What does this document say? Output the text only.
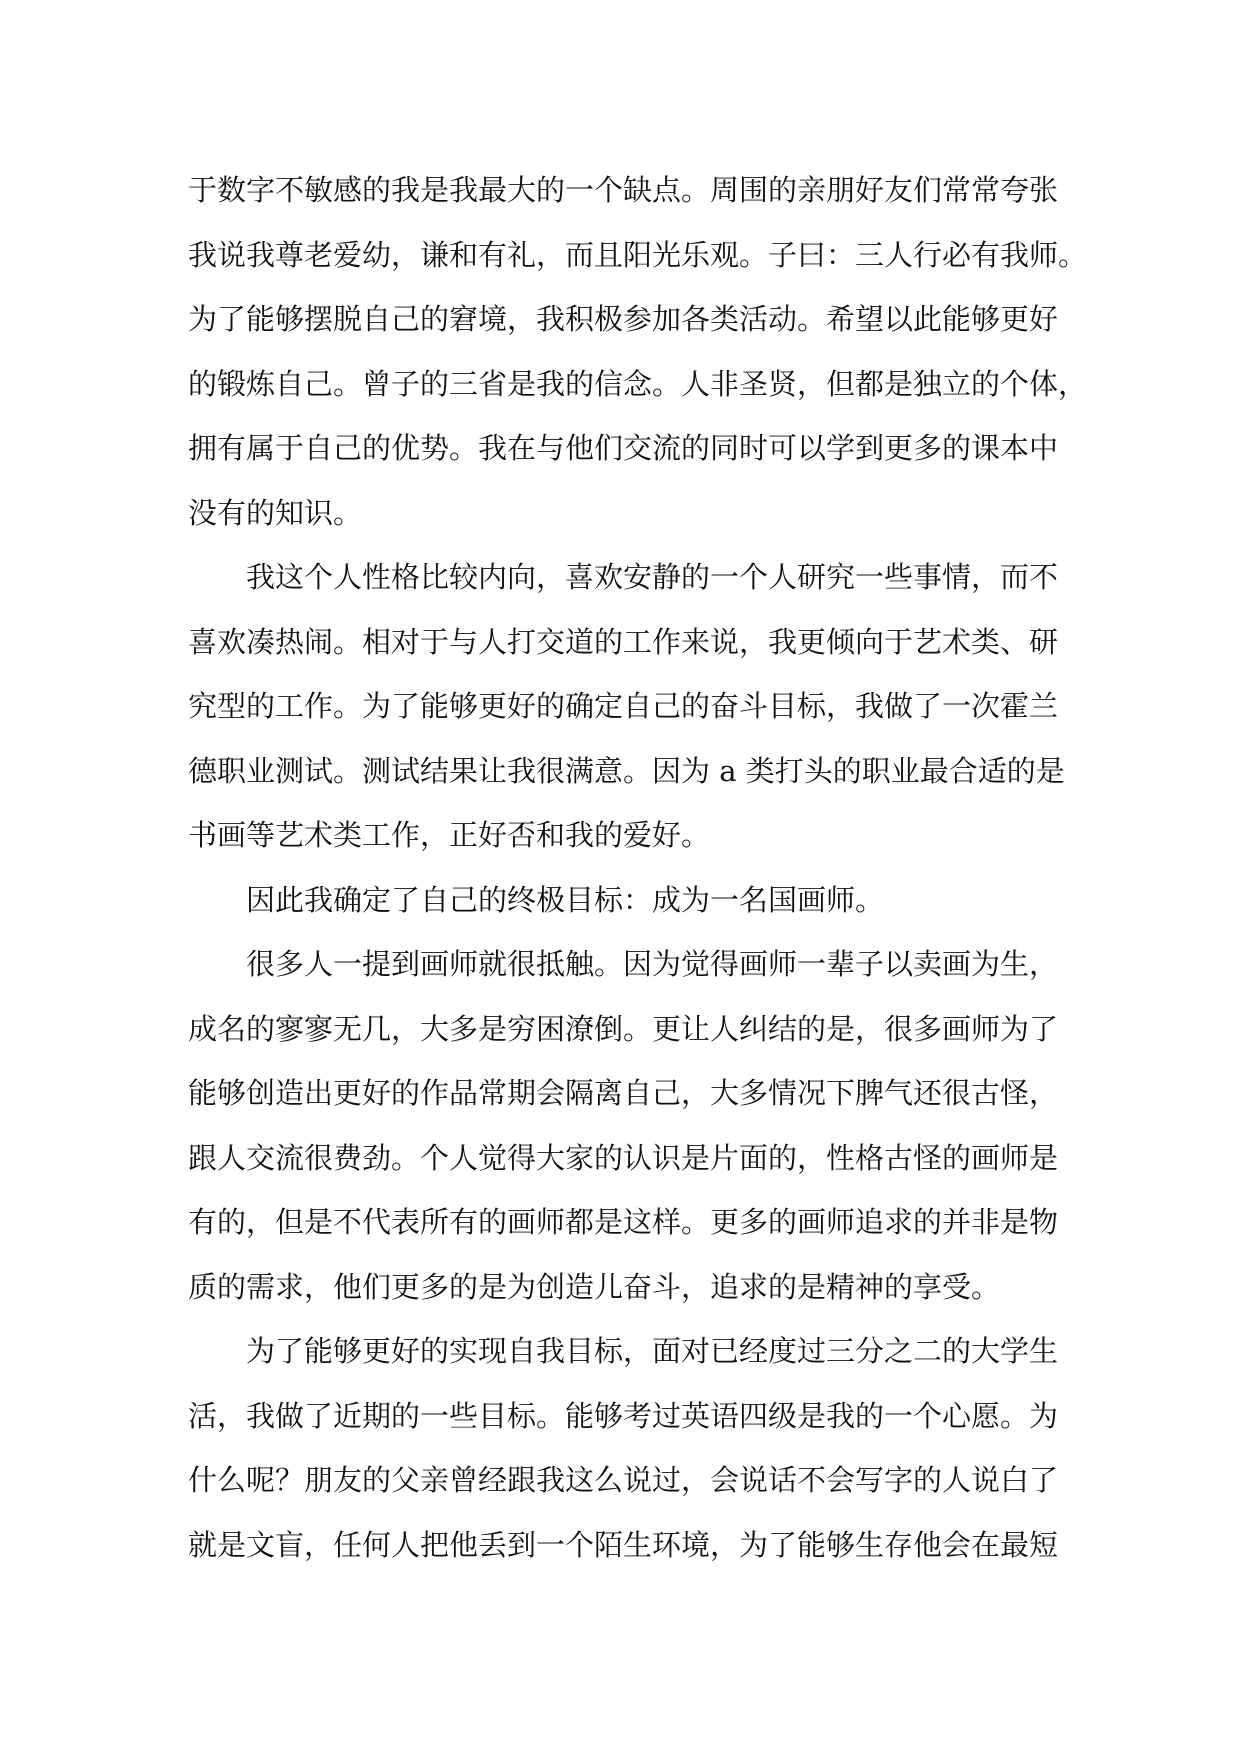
于数字不敏感的我是我最大的一个缺点。周围的亲朋好友们常常夸张
我说我尊老爱幼，谦和有礼，而且阳光乐观。子曰：三人行必有我师。
为了能够摆脱自己的窘境，我积极参加各类活动。希望以此能够更好
的锻炼自己。曾子的三省是我的信念。人非圣贤，但都是独立的个体，
拥有属于自己的优势。我在与他们交流的同时可以学到更多的课本中
没有的知识。
我这个人性格比较内向，喜欢安静的一个人研究一些事情，而不
喜欢凑热闹。相对于与人打交道的工作来说，我更倾向于艺术类、研
究型的工作。为了能够更好的确定自己的奋斗目标，我做了一次霍兰
德职业测试。测试结果让我很满意。因为 a 类打头的职业最合适的是
书画等艺术类工作，正好否和我的爱好。
因此我确定了自己的终极目标：成为一名国画师。
很多人一提到画师就很抵触。因为觉得画师一辈子以卖画为生，
成名的寥寥无几，大多是穷困潦倒。更让人纠结的是，很多画师为了
能够创造出更好的作品常期会隔离自己，大多情况下脾气还很古怪，
跟人交流很费劲。个人觉得大家的认识是片面的，性格古怪的画师是
有的，但是不代表所有的画师都是这样。更多的画师追求的并非是物
质的需求，他们更多的是为创造儿奋斗，追求的是精神的享受。
为了能够更好的实现自我目标，面对已经度过三分之二的大学生
活，我做了近期的一些目标。能够考过英语四级是我的一个心愿。为
什么呢？朋友的父亲曾经跟我这么说过，会说话不会写字的人说白了
就是文盲，任何人把他丢到一个陌生环境，为了能够生存他会在最短
